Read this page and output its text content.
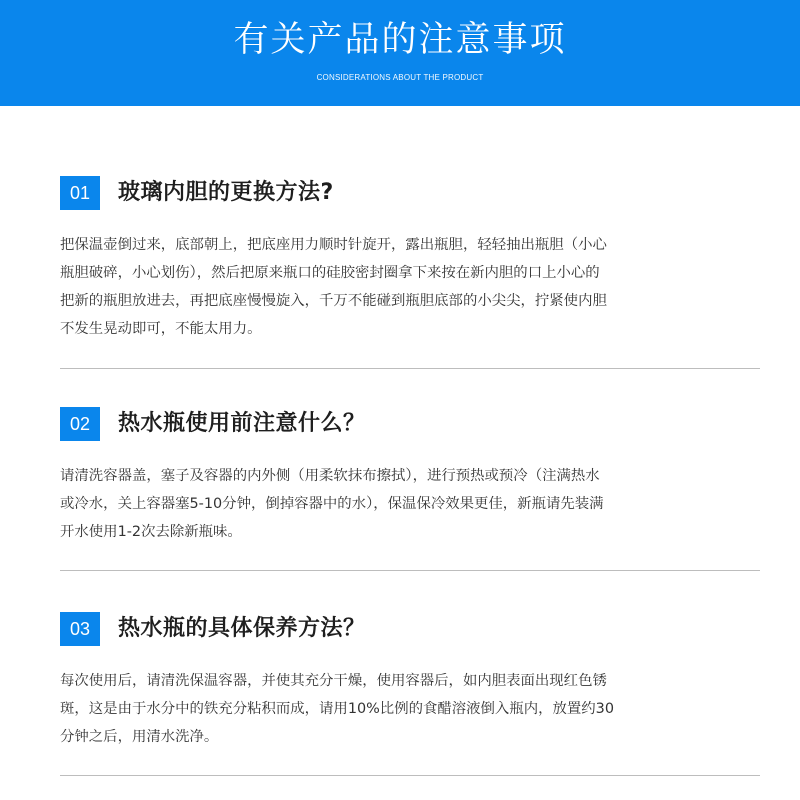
有关产品的注意事项
CONSIDERATIONS ABOUT THE PRODUCT
01	玻璃内胆的更换方法?
把保温壶倒过来，底部朝上，把底座用力顺时针旋开，露出瓶胆，轻轻抽出瓶胆（小心
瓶胆破碎，小心划伤），然后把原来瓶口的硅胶密封圈拿下来按在新内胆的口上小心的
把新的瓶胆放进去，再把底座慢慢旋入，千万不能碰到瓶胆底部的小尖尖，拧紧使内胆
不发生晃动即可，不能太用力。
02	热水瓶使用前注意什么？
请清洗容器盖，塞子及容器的内外侧（用柔软抹布擦拭），进行预热或预冷（注满热水
或冷水，关上容器塞5-10分钟，倒掉容器中的水），保温保冷效果更佳，新瓶请先装满
开水使用1-2次去除新瓶味。
03	热水瓶的具体保养方法？
每次使用后，请清洗保温容器，并使其充分干燥，使用容器后，如内胆表面出现红色锈
斑，这是由于水分中的铁充分粘积而成，请用10%比例的食醋溶液倒入瓶内，放置约30
分钟之后，用清水洗净。
